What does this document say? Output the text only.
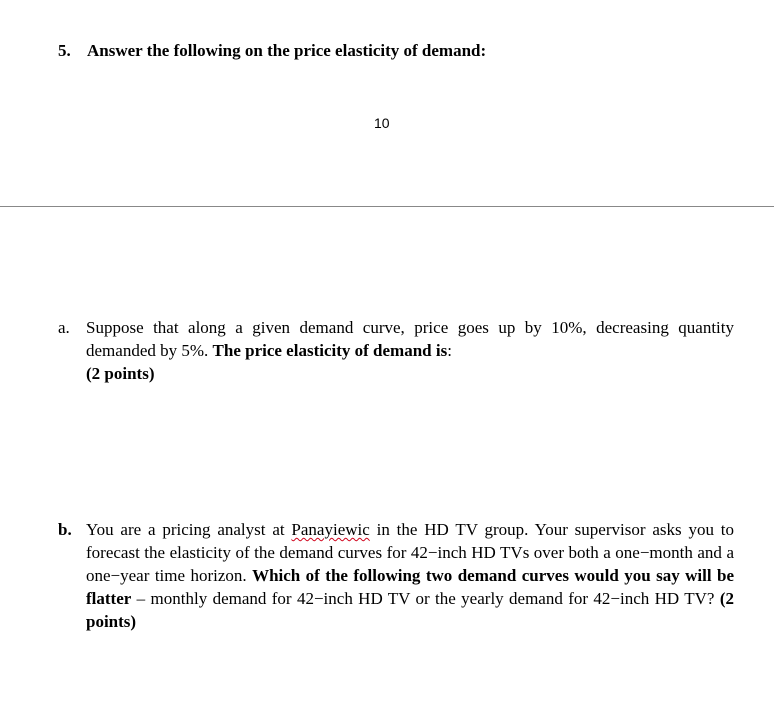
5. Answer the following on the price elasticity of demand:
10
a. Suppose that along a given demand curve, price goes up by 10%, decreasing quantity demanded by 5%. The price elasticity of demand is:
(2 points)
b. You are a pricing analyst at Panayiewic in the HD TV group. Your supervisor asks you to forecast the elasticity of the demand curves for 42−inch HD TVs over both a one−month and a one−year time horizon. Which of the following two demand curves would you say will be flatter – monthly demand for 42−inch HD TV or the yearly demand for 42−inch HD TV? (2 points)
